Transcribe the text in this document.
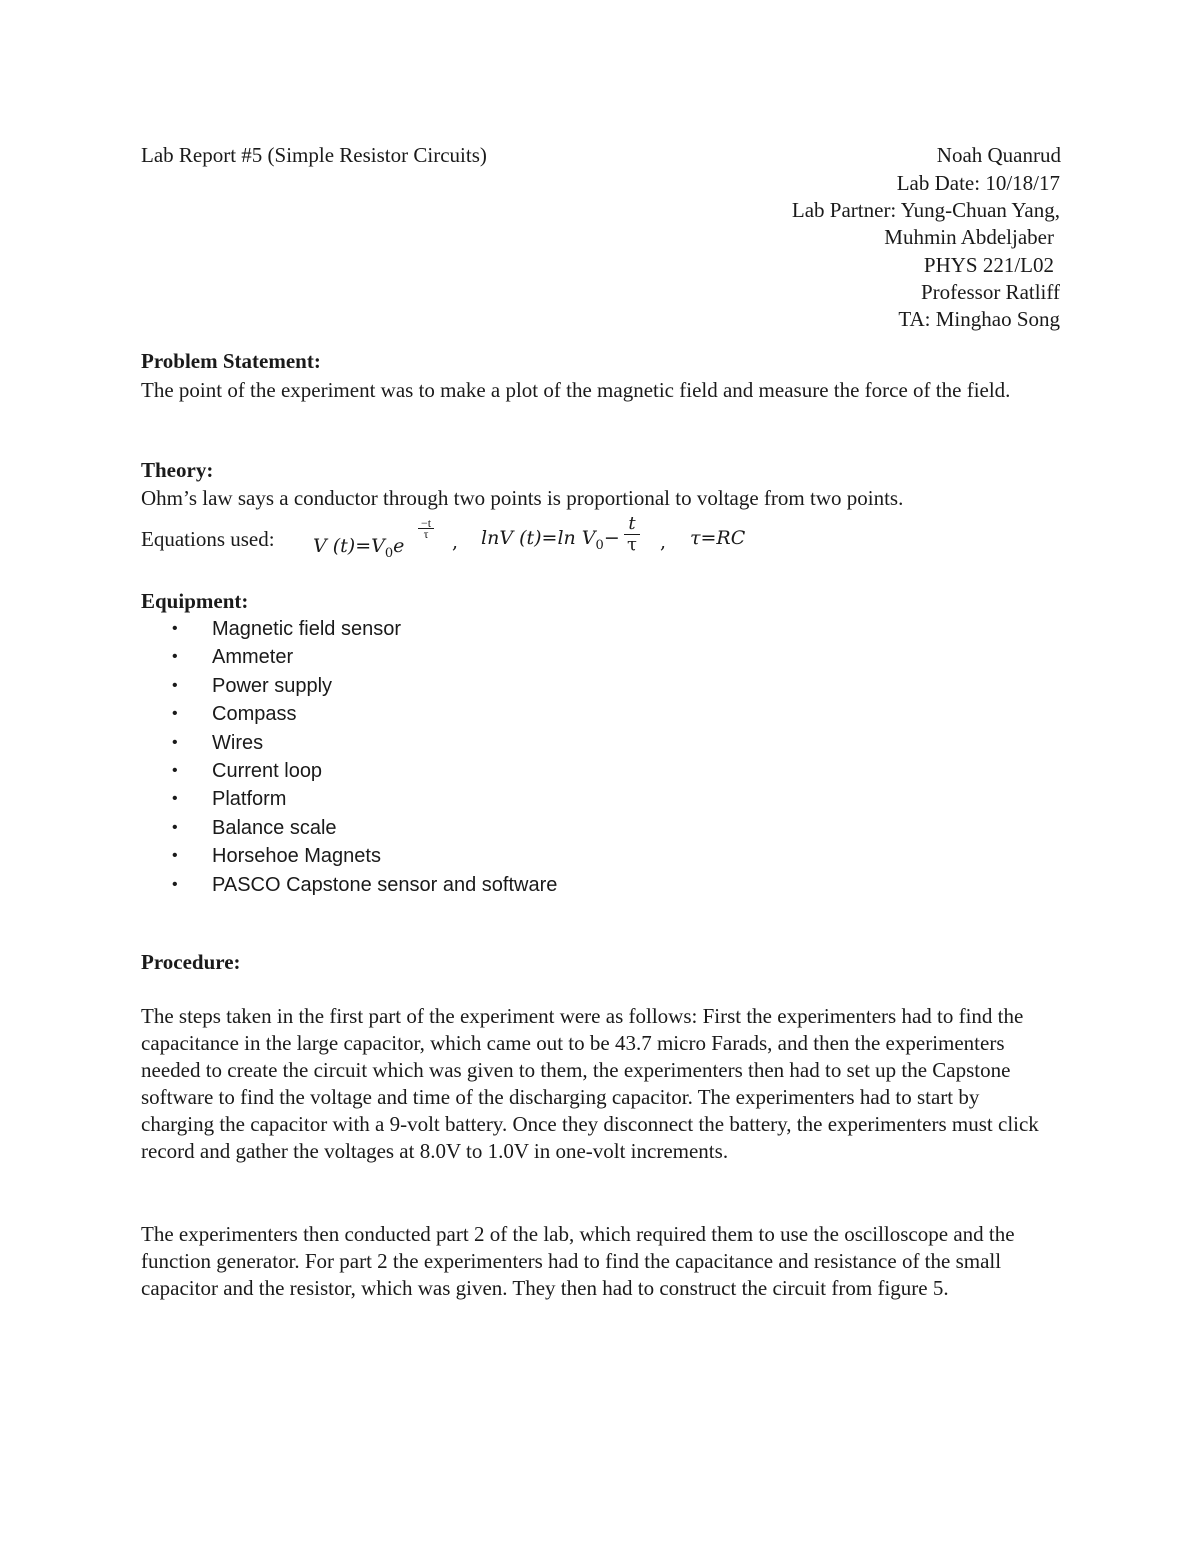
Lab Report #5 (Simple Resistor Circuits)	Noah Quanrud
Lab Date: 10/18/17
Lab Partner: Yung-Chuan Yang,
Muhmin Abdeljaber
PHYS 221/L02
Professor Ratliff
TA: Minghao Song
Problem Statement:

The point of the experiment was to make a plot of the magnetic field and measure the force of the field.

Theory:

Ohm’s law says a conductor through two points is proportional to voltage from two points.

Equations used: V $(t)=V_0e$
$\frac{-t}{\tau}$
, lnV (t)=ln $V_0- \frac{t}{\tau}$ , τ=RC
Equipment:
• Magnetic field sensor
• Ammeter
• Power supply
• Compass
• Wires
• Current loop
• Platform
• Balance scale
• Horsehoe Magnets
• PASCO Capstone sensor and software
Procedure:

The steps taken in the first part of the experiment were as follows: First the experimenters had to find the capacitance in the large capacitor, which came out to be 43.7 micro Farads, and then the experimenters needed to create the circuit which was given to them, the experimenters then had to set up the Capstone software to find the voltage and time of the discharging capacitor. The experimenters had to start by charging the capacitor with a 9-volt battery. Once they disconnect the battery, the experimenters must click record and gather the voltages at 8.0V to 1.0V in one-volt increments.

The experimenters then conducted part 2 of the lab, which required them to use the oscilloscope and the function generator. For part 2 the experimenters had to find the capacitance and resistance of the small capacitor and the resistor, which was given. They then had to construct the circuit from figure 5.
